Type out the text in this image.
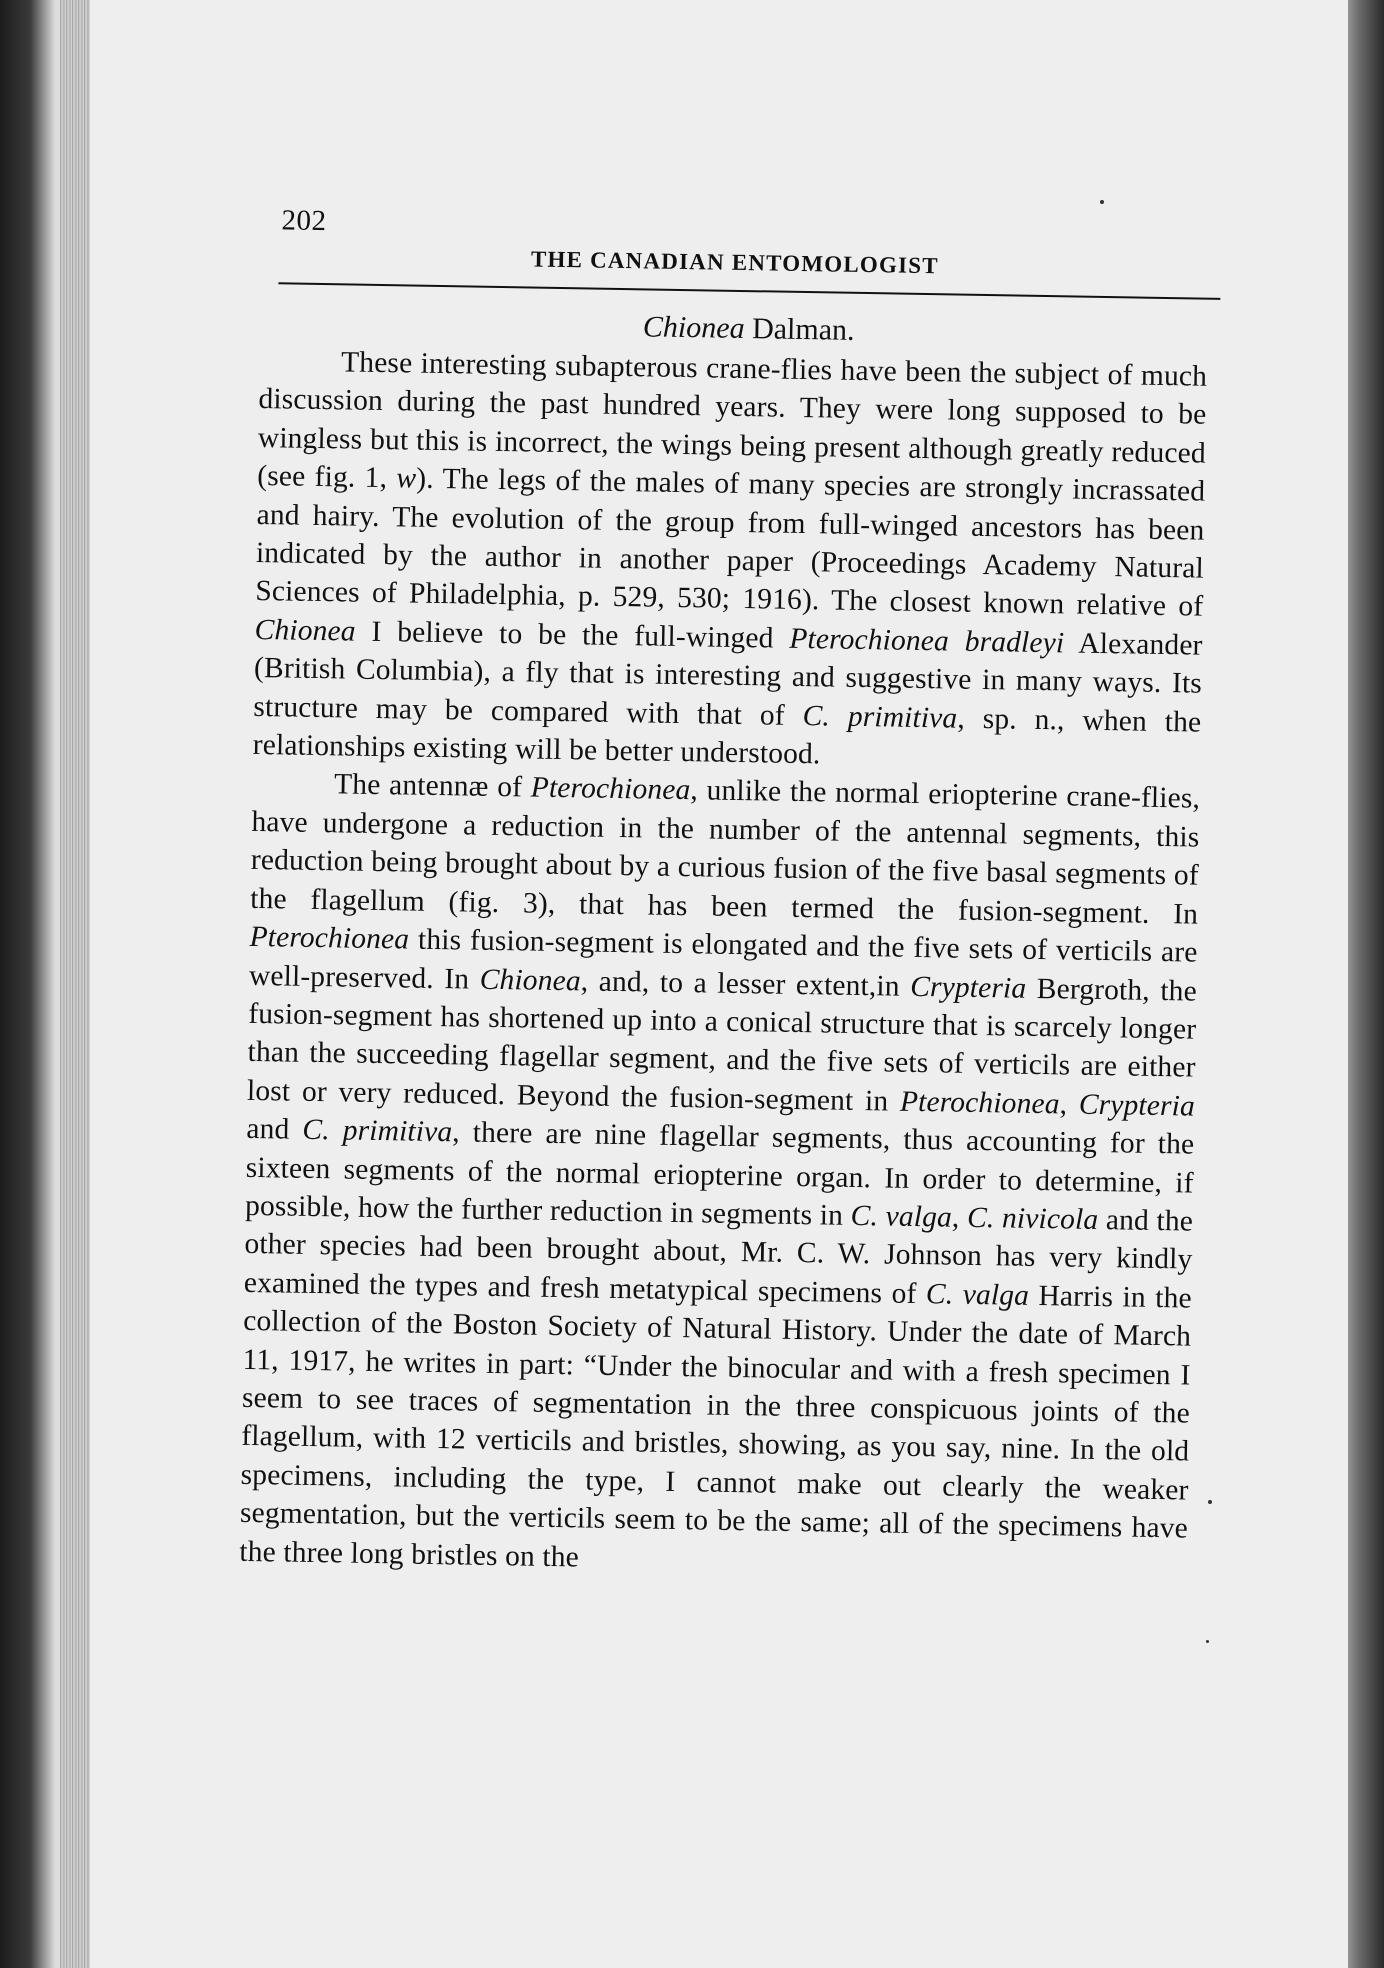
202
THE CANADIAN ENTOMOLOGIST
Chionea Dalman.

These interesting subapterous crane-flies have been the subject of much discussion during the past hundred years. They were long supposed to be wingless but this is incorrect, the wings being present although greatly reduced (see fig. 1, w). The legs of the males of many species are strongly incrassated and hairy. The evolution of the group from full-winged ancestors has been indicated by the author in another paper (Proceedings Academy Natural Sciences of Philadelphia, p. 529, 530; 1916). The closest known relative of Chionea I believe to be the full-winged Pterochionea bradleyi Alexander (British Columbia), a fly that is interesting and suggestive in many ways. Its structure may be compared with that of C. primitiva, sp. n., when the relationships existing will be better understood.

The antennæ of Pterochionea, unlike the normal eriopterine crane-flies, have undergone a reduction in the number of the antennal segments, this reduction being brought about by a curious fusion of the five basal segments of the flagellum (fig. 3), that has been termed the fusion-segment. In Pterochionea this fusion-segment is elongated and the five sets of verticils are well-preserved. In Chionea, and, to a lesser extent,in Crypteria Bergroth, the fusion-segment has shortened up into a conical structure that is scarcely longer than the succeeding flagellar segment, and the five sets of verticils are either lost or very reduced. Beyond the fusion-segment in Pterochionea, Crypteria and C. primitiva, there are nine flagellar segments, thus accounting for the sixteen segments of the normal eriopterine organ. In order to determine, if possible, how the further reduction in segments in C. valga, C. nivicola and the other species had been brought about, Mr. C. W. Johnson has very kindly examined the types and fresh metatypical specimens of C. valga Harris in the collection of the Boston Society of Natural History. Under the date of March 11, 1917, he writes in part: “Under the binocular and with a fresh specimen I seem to see traces of segmentation in the three conspicuous joints of the flagellum, with 12 verticils and bristles, showing, as you say, nine. In the old specimens, including the type, I cannot make out clearly the weaker segmentation, but the verticils seem to be the same; all of the specimens have the three long bristles on the
